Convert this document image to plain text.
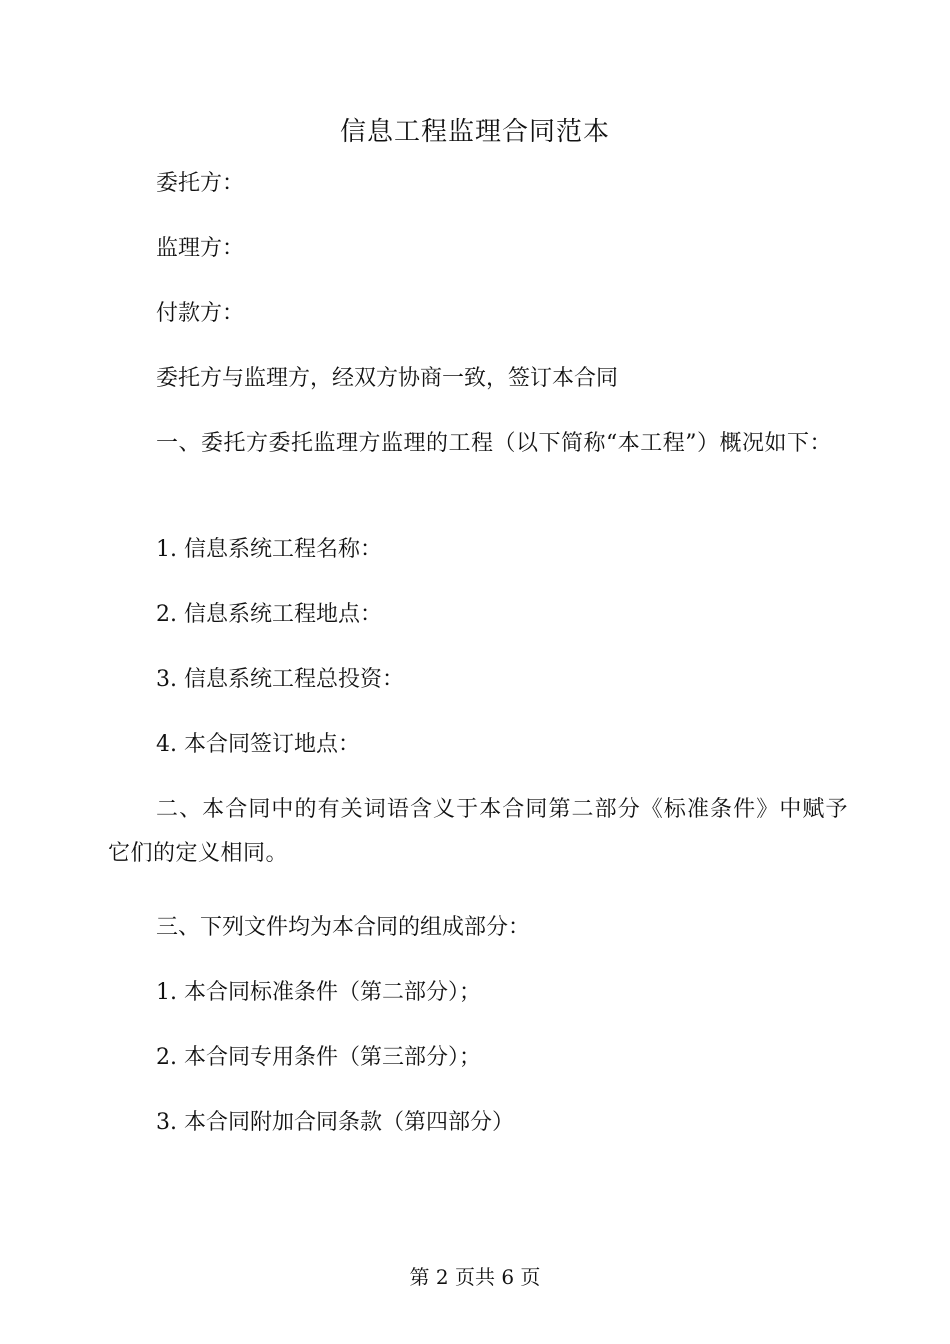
信息工程监理合同范本

委托方：

监理方：

付款方：

委托方与监理方，经双方协商一致，签订本合同

一、委托方委托监理方监理的工程（以下简称“本工程”）概况如下：

1. 信息系统工程名称：

2. 信息系统工程地点：

3. 信息系统工程总投资：

4. 本合同签订地点：

二、本合同中的有关词语含义于本合同第二部分《标准条件》中赋予它们的定义相同。

三、下列文件均为本合同的组成部分：

1. 本合同标准条件（第二部分）；

2. 本合同专用条件（第三部分）；

3. 本合同附加合同条款（第四部分）

第 2 页共 6 页
